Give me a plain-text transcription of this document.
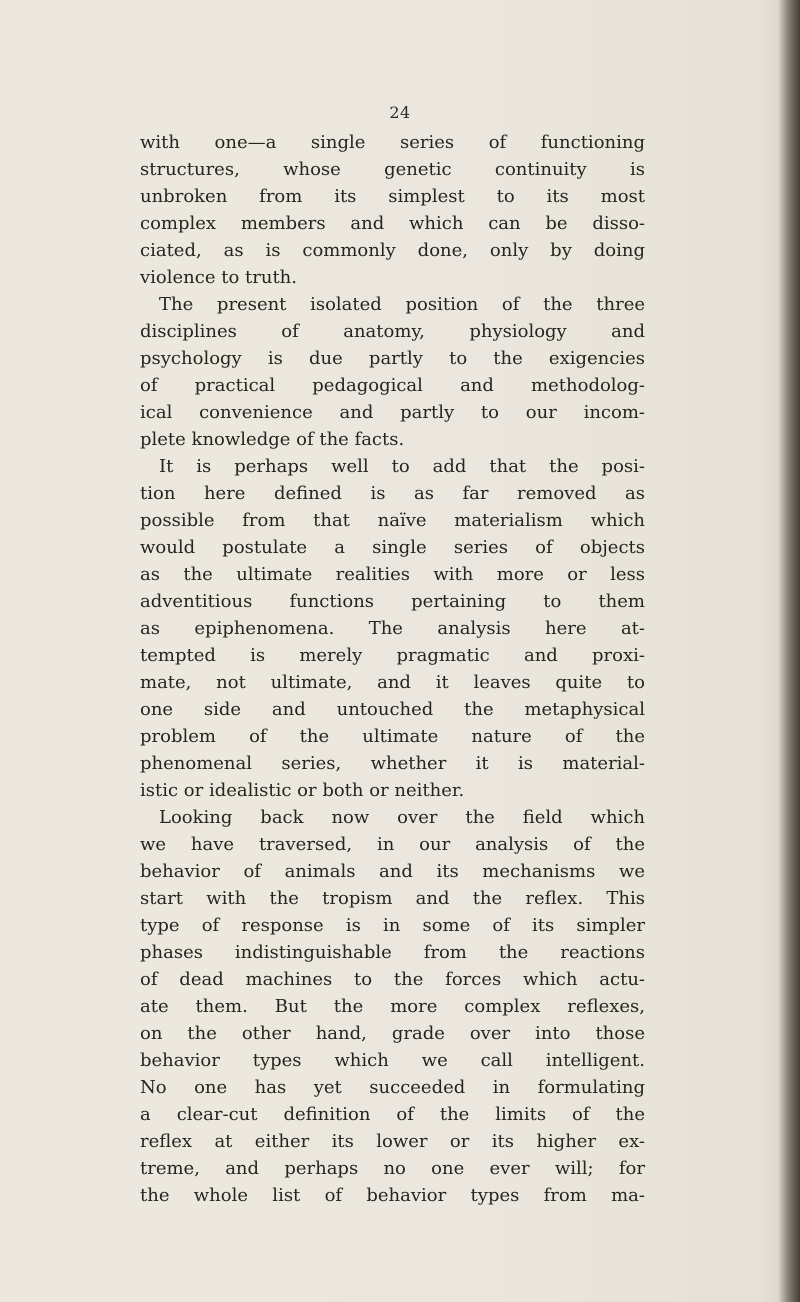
24
with one—a single series of functioning
structures, whose genetic continuity is
unbroken from its simplest to its most
complex members and which can be disso-
ciated, as is commonly done, only by doing
violence to truth.
The present isolated position of the three
disciplines of anatomy, physiology and
psychology is due partly to the exigencies
of practical pedagogical and methodolog-
ical convenience and partly to our incom-
plete knowledge of the facts.
It is perhaps well to add that the posi-
tion here defined is as far removed as
possible from that naïve materialism which
would postulate a single series of objects
as the ultimate realities with more or less
adventitious functions pertaining to them
as epiphenomena. The analysis here at-
tempted is merely pragmatic and proxi-
mate, not ultimate, and it leaves quite to
one side and untouched the metaphysical
problem of the ultimate nature of the
phenomenal series, whether it is material-
istic or idealistic or both or neither.
Looking back now over the field which
we have traversed, in our analysis of the
behavior of animals and its mechanisms we
start with the tropism and the reflex. This
type of response is in some of its simpler
phases indistinguishable from the reactions
of dead machines to the forces which actu-
ate them. But the more complex reflexes,
on the other hand, grade over into those
behavior types which we call intelligent.
No one has yet succeeded in formulating
a clear-cut definition of the limits of the
reflex at either its lower or its higher ex-
treme, and perhaps no one ever will; for
the whole list of behavior types from ma-
